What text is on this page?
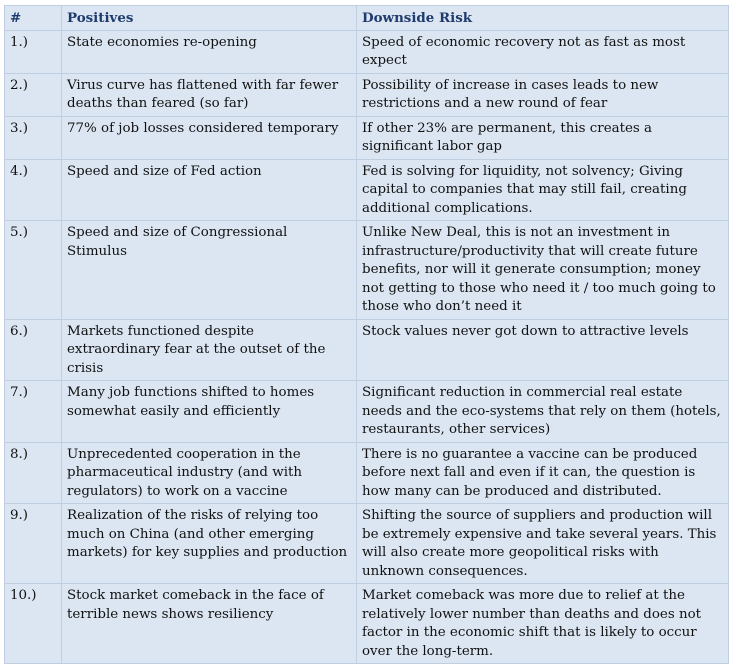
#	Positives	Downside Risk
1.)	State economies re-opening	Speed of economic recovery not as fast as most expect
2.)	Virus curve has flattened with far fewer deaths than feared (so far)	Possibility of increase in cases leads to new restrictions and a new round of fear
3.)	77% of job losses considered temporary	If other 23% are permanent, this creates a significant labor gap
4.)	Speed and size of Fed action	Fed is solving for liquidity, not solvency; Giving capital to companies that may still fail, creating additional complications.
5.)	Speed and size of Congressional Stimulus	Unlike New Deal, this is not an investment in infrastructure/productivity that will create future benefits, nor will it generate consumption; money not getting to those who need it / too much going to those who don’t need it
6.)	Markets functioned despite extraordinary fear at the outset of the crisis	Stock values never got down to attractive levels
7.)	Many job functions shifted to homes somewhat easily and efficiently	Significant reduction in commercial real estate needs and the eco-systems that rely on them (hotels, restaurants, other services)
8.)	Unprecedented cooperation in the pharmaceutical industry (and with regulators) to work on a vaccine	There is no guarantee a vaccine can be produced before next fall and even if it can, the question is how many can be produced and distributed.
9.)	Realization of the risks of relying too much on China (and other emerging markets) for key supplies and production	Shifting the source of suppliers and production will be extremely expensive and take several years. This will also create more geopolitical risks with unknown consequences.
10.)	Stock market comeback in the face of terrible news shows resiliency	Market comeback was more due to relief at the relatively lower number than deaths and does not factor in the economic shift that is likely to occur over the long-term.
